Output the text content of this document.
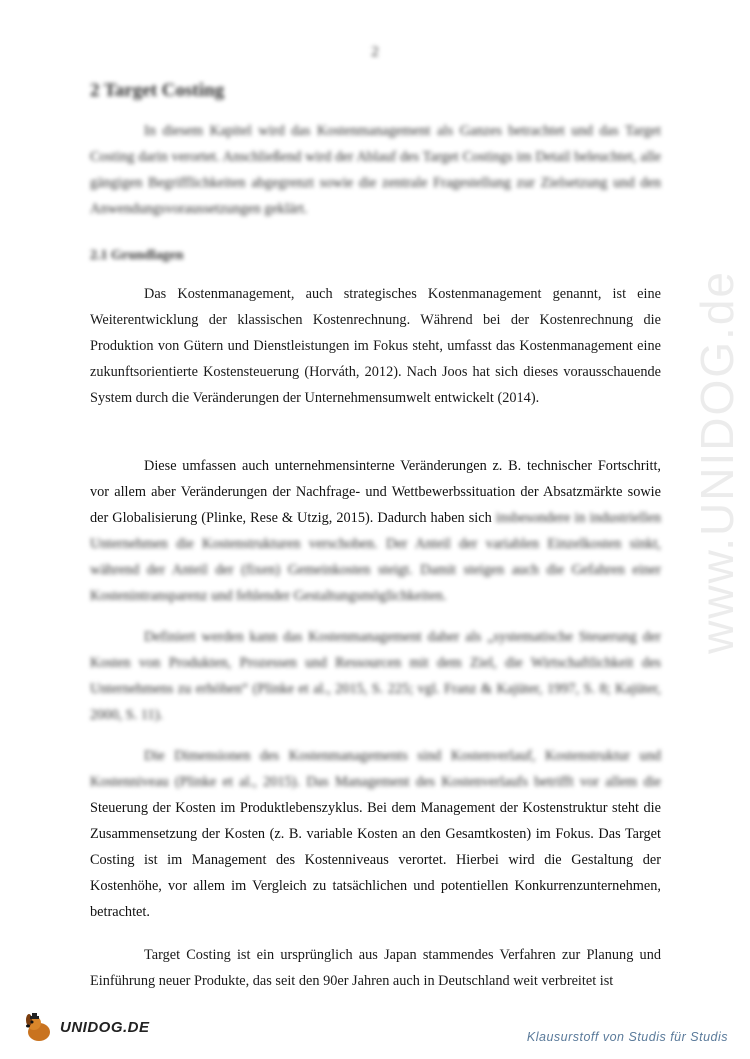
2
2 Target Costing

In diesem Kapitel wird das Kostenmanagement als Ganzes betrachtet und das Target Costing darin verortet. Anschließend wird der Ablauf des Target Costings im Detail beleuchtet, alle gängigen Begrifflichkeiten abgegrenzt sowie die zentrale Fragestellung zur Zielsetzung und den Anwendungsvoraussetzungen geklärt.

2.1 Grundlagen

Das Kostenmanagement, auch strategisches Kostenmanagement genannt, ist eine Weiterentwicklung der klassischen Kostenrechnung. Während bei der Kostenrechnung die Produktion von Gütern und Dienstleistungen im Fokus steht, umfasst das Kostenmanagement eine zukunftsorientierte Kostensteuerung (Horváth, 2012). Nach Joos hat sich dieses vorausschauende System durch die Veränderungen der Unternehmensumwelt entwickelt (2014).

Diese umfassen auch unternehmensinterne Veränderungen z. B. technischer Fortschritt, vor allem aber Veränderungen der Nachfrage- und Wettbewerbssituation der Absatzmärkte sowie der Globalisierung (Plinke, Rese & Utzig, 2015). Dadurch haben sich insbesondere in industriellen Unternehmen die Kostenstrukturen verschoben. Der Anteil der variablen Einzelkosten sinkt, während der Anteil der (fixen) Gemeinkosten steigt. Damit steigen auch die Gefahren einer Kostenintransparenz und fehlender Gestaltungsmöglichkeiten.

Definiert werden kann das Kostenmanagement daher als „systematische Steuerung der Kosten von Produkten, Prozessen und Ressourcen mit dem Ziel, die Wirtschaftlichkeit des Unternehmens zu erhöhen“ (Plinke et al., 2015, S. 225; vgl. Franz & Kajüter, 1997, S. 8; Kajüter, 2000, S. 11).

Die Dimensionen des Kostenmanagements sind Kostenverlauf, Kostenstruktur und Kostenniveau (Plinke et al., 2015). Das Management des Kostenverlaufs betrifft vor allem die Steuerung der Kosten im Produktlebenszyklus. Bei dem Management der Kostenstruktur steht die Zusammensetzung der Kosten (z. B. variable Kosten an den Gesamtkosten) im Fokus. Das Target Costing ist im Management des Kostenniveaus verortet. Hierbei wird die Gestaltung der Kostenhöhe, vor allem im Vergleich zu tatsächlichen und potentiellen Konkurrenzunternehmen, betrachtet.

Target Costing ist ein ursprünglich aus Japan stammendes Verfahren zur Planung und Einführung neuer Produkte, das seit den 90er Jahren auch in Deutschland weit verbreitet ist

www.UNIDOG.de
UNIDOG.DE
Klausurstoff von Studis für Studis
